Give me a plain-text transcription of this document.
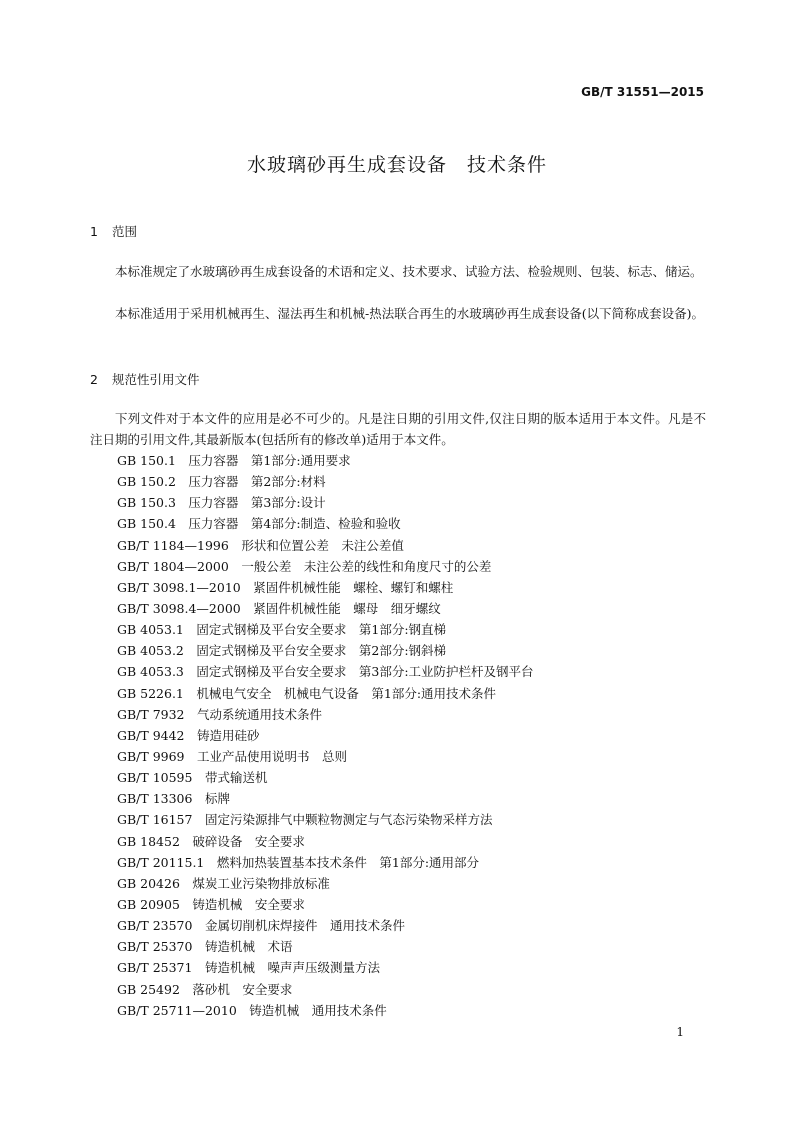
GB/T 31551—2015
水玻璃砂再生成套设备　技术条件
1 范围
本标准规定了水玻璃砂再生成套设备的术语和定义、技术要求、试验方法、检验规则、包装、标志、储运。
本标准适用于采用机械再生、湿法再生和机械-热法联合再生的水玻璃砂再生成套设备(以下简称成套设备)。
2 规范性引用文件
下列文件对于本文件的应用是必不可少的。凡是注日期的引用文件,仅注日期的版本适用于本文件。凡是不注日期的引用文件,其最新版本(包括所有的修改单)适用于本文件。
GB 150.1　压力容器　第1部分:通用要求
GB 150.2　压力容器　第2部分:材料
GB 150.3　压力容器　第3部分:设计
GB 150.4　压力容器　第4部分:制造、检验和验收
GB/T 1184—1996　形状和位置公差　未注公差值
GB/T 1804—2000　一般公差　未注公差的线性和角度尺寸的公差
GB/T 3098.1—2010　紧固件机械性能　螺栓、螺钉和螺柱
GB/T 3098.4—2000　紧固件机械性能　螺母　细牙螺纹
GB 4053.1　固定式钢梯及平台安全要求　第1部分:钢直梯
GB 4053.2　固定式钢梯及平台安全要求　第2部分:钢斜梯
GB 4053.3　固定式钢梯及平台安全要求　第3部分:工业防护栏杆及钢平台
GB 5226.1　机械电气安全　机械电气设备　第1部分:通用技术条件
GB/T 7932　气动系统通用技术条件
GB/T 9442　铸造用硅砂
GB/T 9969　工业产品使用说明书　总则
GB/T 10595　带式输送机
GB/T 13306　标牌
GB/T 16157　固定污染源排气中颗粒物测定与气态污染物采样方法
GB 18452　破碎设备　安全要求
GB/T 20115.1　燃料加热装置基本技术条件　第1部分:通用部分
GB 20426　煤炭工业污染物排放标准
GB 20905　铸造机械　安全要求
GB/T 23570　金属切削机床焊接件　通用技术条件
GB/T 25370　铸造机械　术语
GB/T 25371　铸造机械　噪声声压级测量方法
GB 25492　落砂机　安全要求
GB/T 25711—2010　铸造机械　通用技术条件
1
